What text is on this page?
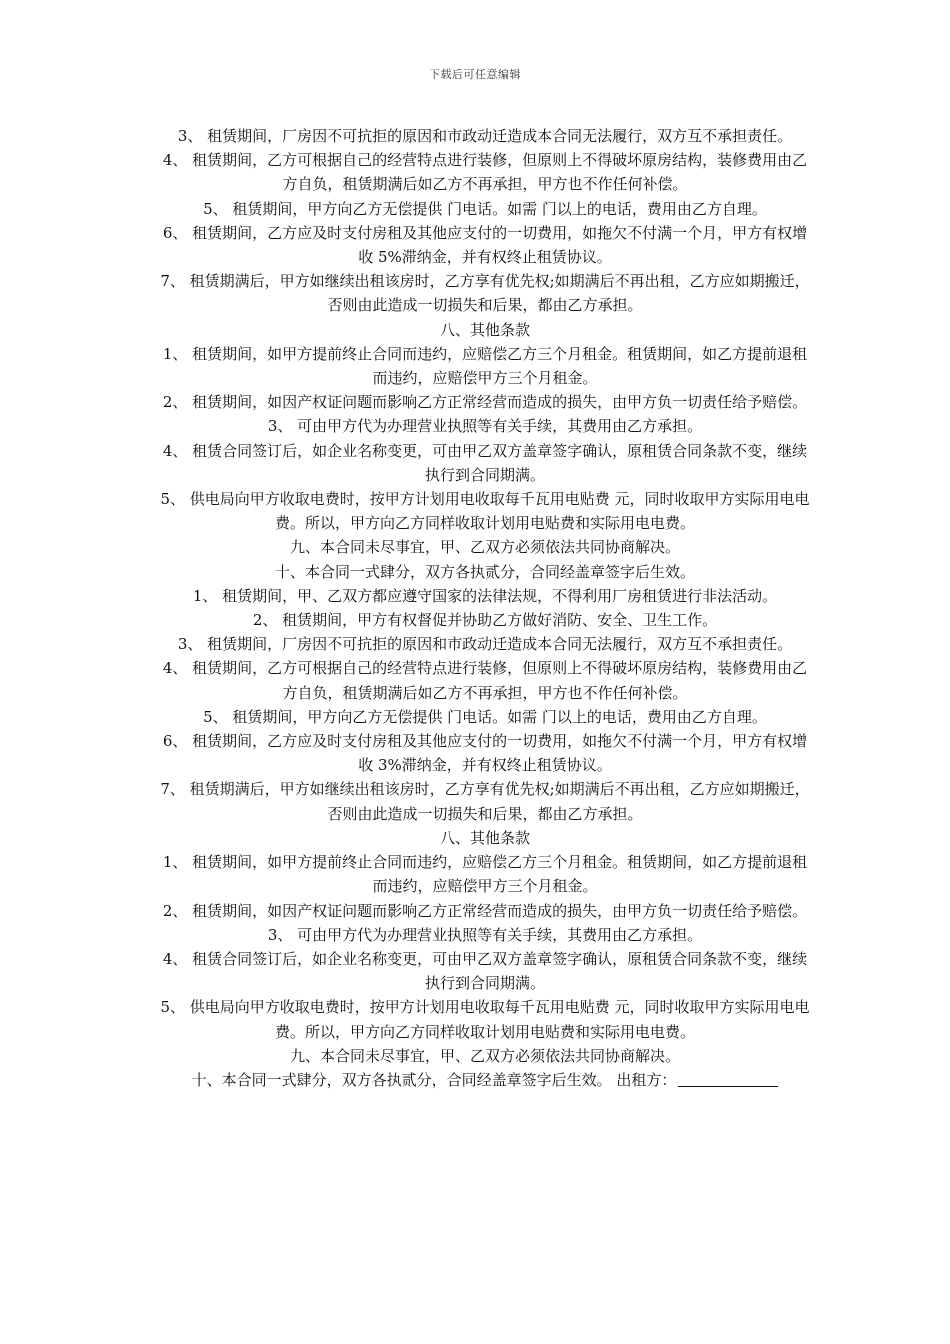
下载后可任意编辑

3、 租赁期间，厂房因不可抗拒的原因和市政动迁造成本合同无法履行，双方互不承担责任。

4、 租赁期间，乙方可根据自己的经营特点进行装修，但原则上不得破坏原房结构，装修费用由乙方自负，租赁期满后如乙方不再承担，甲方也不作任何补偿。

5、 租赁期间，甲方向乙方无偿提供 门电话。如需 门以上的电话，费用由乙方自理。

6、 租赁期间，乙方应及时支付房租及其他应支付的一切费用，如拖欠不付满一个月，甲方有权增收 5%滞纳金，并有权终止租赁协议。

7、 租赁期满后，甲方如继续出租该房时，乙方享有优先权;如期满后不再出租，乙方应如期搬迁，否则由此造成一切损失和后果，都由乙方承担。

八、其他条款

1、 租赁期间，如甲方提前终止合同而违约，应赔偿乙方三个月租金。租赁期间，如乙方提前退租而违约，应赔偿甲方三个月租金。

2、 租赁期间，如因产权证问题而影响乙方正常经营而造成的损失，由甲方负一切责任给予赔偿。

3、 可由甲方代为办理营业执照等有关手续，其费用由乙方承担。

4、 租赁合同签订后，如企业名称变更，可由甲乙双方盖章签字确认，原租赁合同条款不变，继续执行到合同期满。

5、 供电局向甲方收取电费时，按甲方计划用电收取每千瓦用电贴费 元，同时收取甲方实际用电电费。所以，甲方向乙方同样收取计划用电贴费和实际用电电费。

九、本合同未尽事宜，甲、乙双方必须依法共同协商解决。

十、本合同一式肆分，双方各执贰分，合同经盖章签字后生效。

1、 租赁期间，甲、乙双方都应遵守国家的法律法规，不得利用厂房租赁进行非法活动。

2、 租赁期间，甲方有权督促并协助乙方做好消防、安全、卫生工作。

3、 租赁期间，厂房因不可抗拒的原因和市政动迁造成本合同无法履行，双方互不承担责任。

4、 租赁期间，乙方可根据自己的经营特点进行装修，但原则上不得破坏原房结构，装修费用由乙方自负，租赁期满后如乙方不再承担，甲方也不作任何补偿。

5、 租赁期间，甲方向乙方无偿提供 门电话。如需 门以上的电话，费用由乙方自理。

6、 租赁期间，乙方应及时支付房租及其他应支付的一切费用，如拖欠不付满一个月，甲方有权增收 3%滞纳金，并有权终止租赁协议。

7、 租赁期满后，甲方如继续出租该房时，乙方享有优先权;如期满后不再出租，乙方应如期搬迁，否则由此造成一切损失和后果，都由乙方承担。

八、其他条款

1、 租赁期间，如甲方提前终止合同而违约，应赔偿乙方三个月租金。租赁期间，如乙方提前退租而违约，应赔偿甲方三个月租金。

2、 租赁期间，如因产权证问题而影响乙方正常经营而造成的损失，由甲方负一切责任给予赔偿。

3、 可由甲方代为办理营业执照等有关手续，其费用由乙方承担。

4、 租赁合同签订后，如企业名称变更，可由甲乙双方盖章签字确认，原租赁合同条款不变，继续执行到合同期满。

5、 供电局向甲方收取电费时，按甲方计划用电收取每千瓦用电贴费 元，同时收取甲方实际用电电费。所以，甲方向乙方同样收取计划用电贴费和实际用电电费。

九、本合同未尽事宜，甲、乙双方必须依法共同协商解决。

十、本合同一式肆分，双方各执贰分，合同经盖章签字后生效。 出租方：
